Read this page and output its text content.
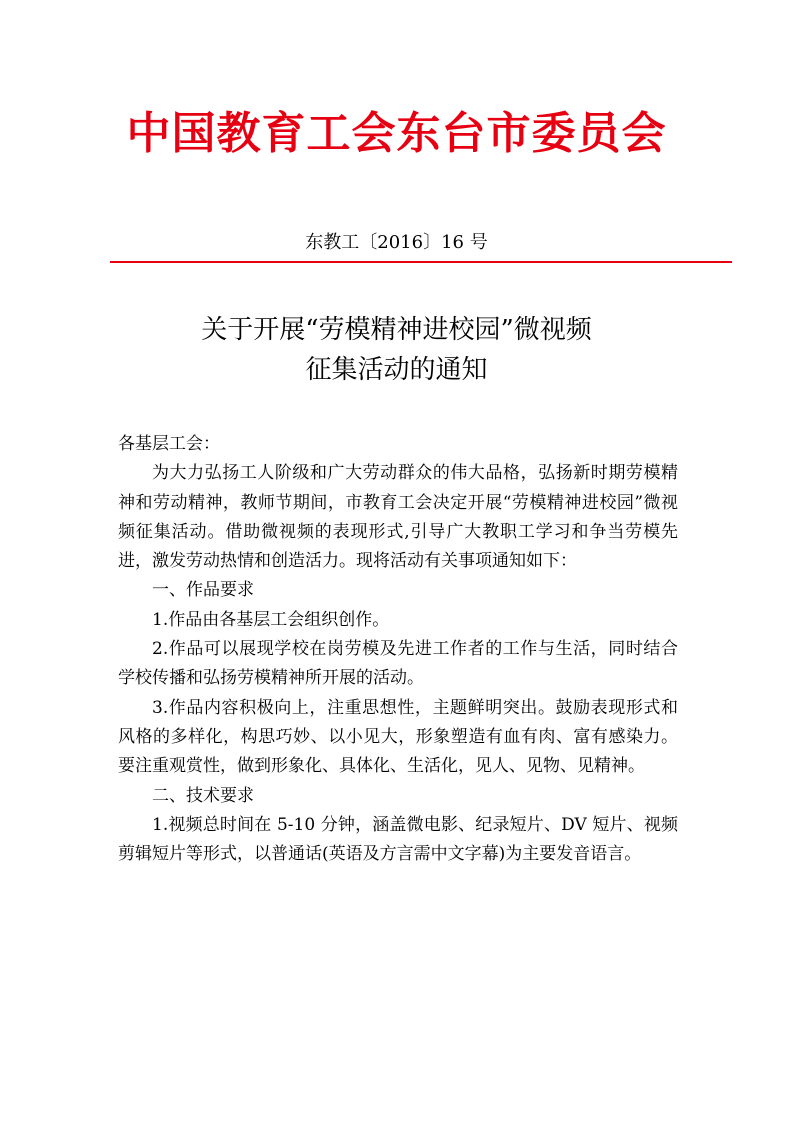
中国教育工会东台市委员会
东教工〔2016〕16 号
关于开展“劳模精神进校园”微视频
征集活动的通知

各基层工会：

为大力弘扬工人阶级和广大劳动群众的伟大品格，弘扬新时期劳模精神和劳动精神，教师节期间，市教育工会决定开展“劳模精神进校园”微视频征集活动。借助微视频的表现形式,引导广大教职工学习和争当劳模先进，激发劳动热情和创造活力。现将活动有关事项通知如下：

一、作品要求

1.作品由各基层工会组织创作。

2.作品可以展现学校在岗劳模及先进工作者的工作与生活，同时结合学校传播和弘扬劳模精神所开展的活动。

3.作品内容积极向上，注重思想性，主题鲜明突出。鼓励表现形式和风格的多样化，构思巧妙、以小见大，形象塑造有血有肉、富有感染力。要注重观赏性，做到形象化、具体化、生活化，见人、见物、见精神。

二、技术要求

1.视频总时间在 5-10 分钟，涵盖微电影、纪录短片、DV 短片、视频剪辑短片等形式，以普通话(英语及方言需中文字幕)为主要发音语言。
